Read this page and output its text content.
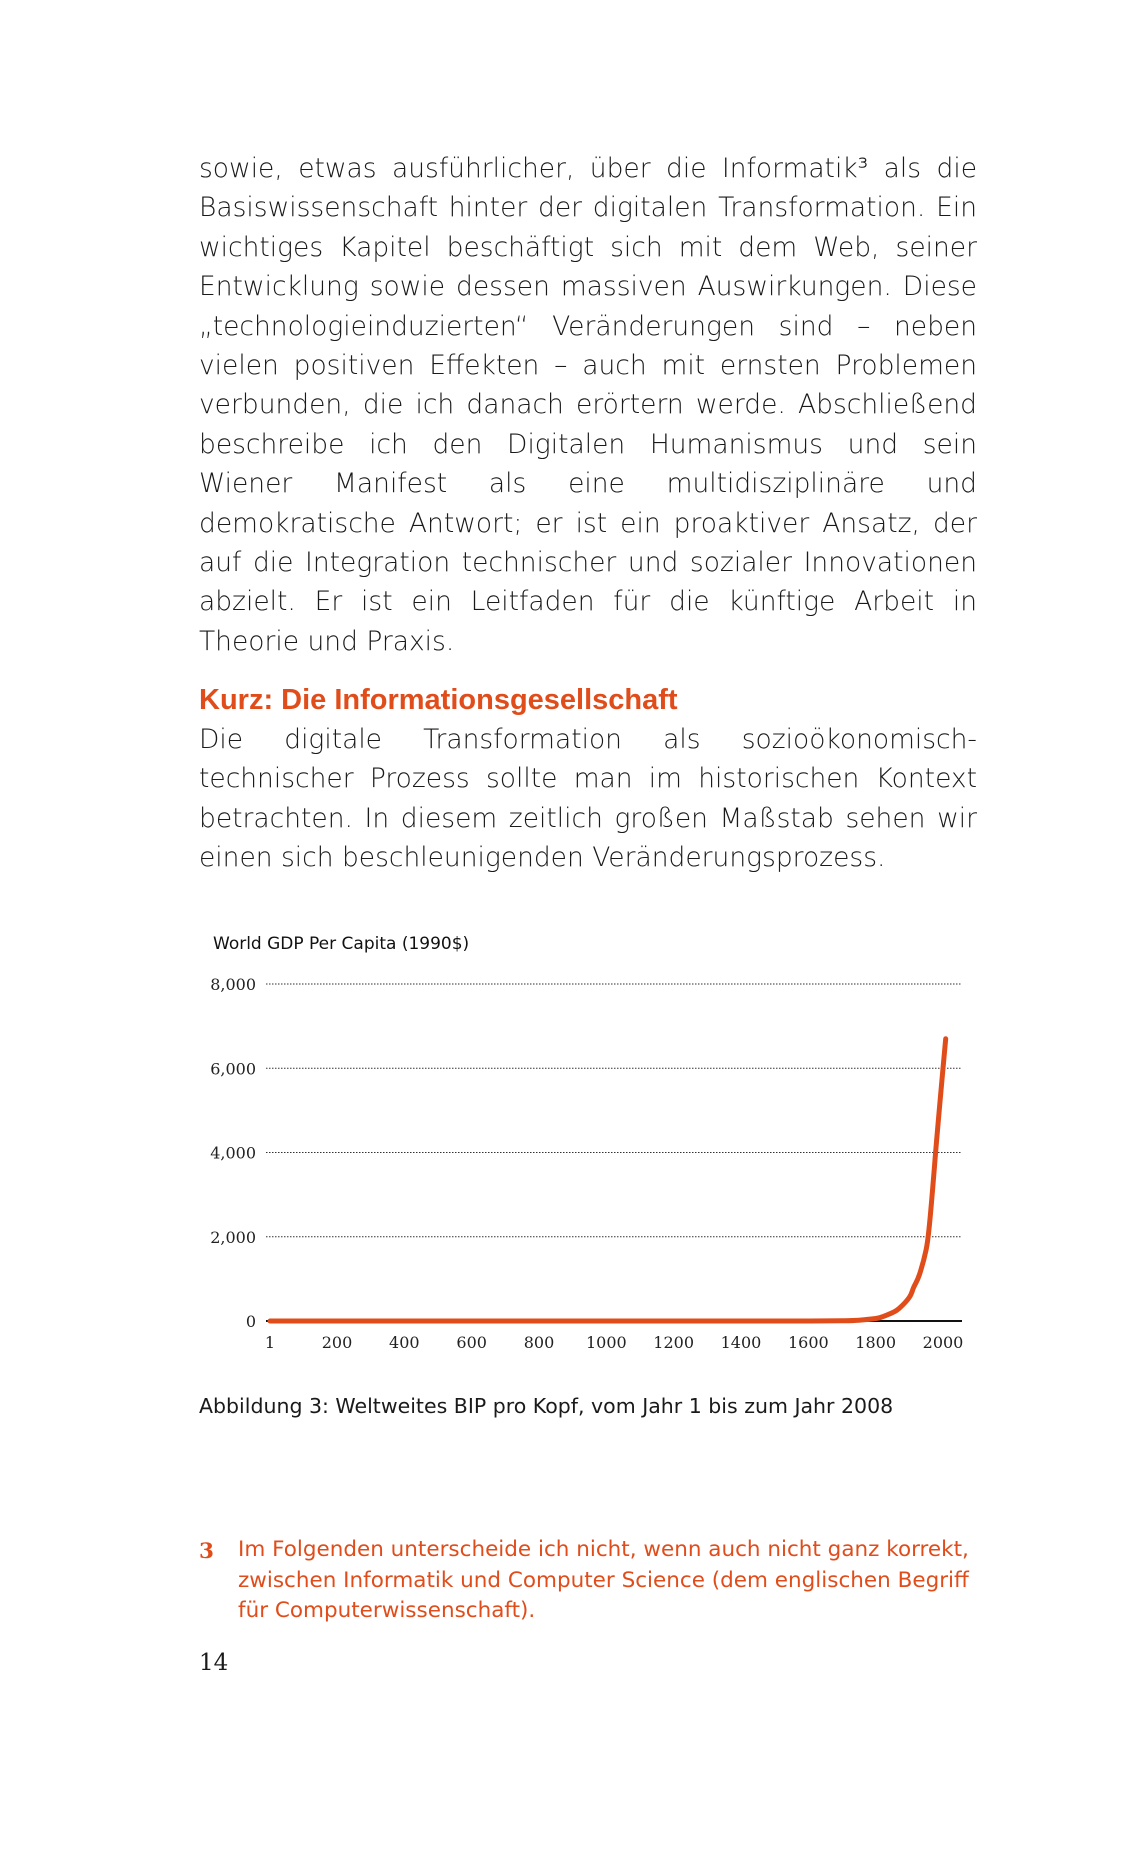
sowie, etwas ausführlicher, über die Informatik³ als die Basiswissenschaft hinter der digitalen Transformation. Ein wichtiges Kapitel beschäftigt sich mit dem Web, seiner Entwicklung sowie dessen massiven Auswirkungen. Diese „technologieinduzierten“ Veränderungen sind – neben vielen positiven Effekten – auch mit ernsten Problemen verbunden, die ich danach erörtern werde. Abschließend beschreibe ich den Digitalen Humanismus und sein Wiener Manifest als eine multidisziplinäre und demokratische Antwort; er ist ein proaktiver Ansatz, der auf die Integration technischer und sozialer Innovationen abzielt. Er ist ein Leitfaden für die künftige Arbeit in Theorie und Praxis.

Kurz: Die Informationsgesellschaft

Die digitale Transformation als sozioökonomisch-technischer Prozess sollte man im historischen Kontext betrachten. In diesem zeitlich großen Maßstab sehen wir einen sich beschleunigenden Veränderungsprozess.

World GDP Per Capita (1990$)
0
2,000
4,000
6,000
8,000
1	200 400 600 800 1000 1200 1400 1600 1800 2000
Abbildung 3: Weltweites BIP pro Kopf, vom Jahr 1 bis zum Jahr 2008
3 Im Folgenden unterscheide ich nicht, wenn auch nicht ganz korrekt, zwischen Informatik und Computer Science (dem englischen Begriff für Computerwissenschaft).
14
